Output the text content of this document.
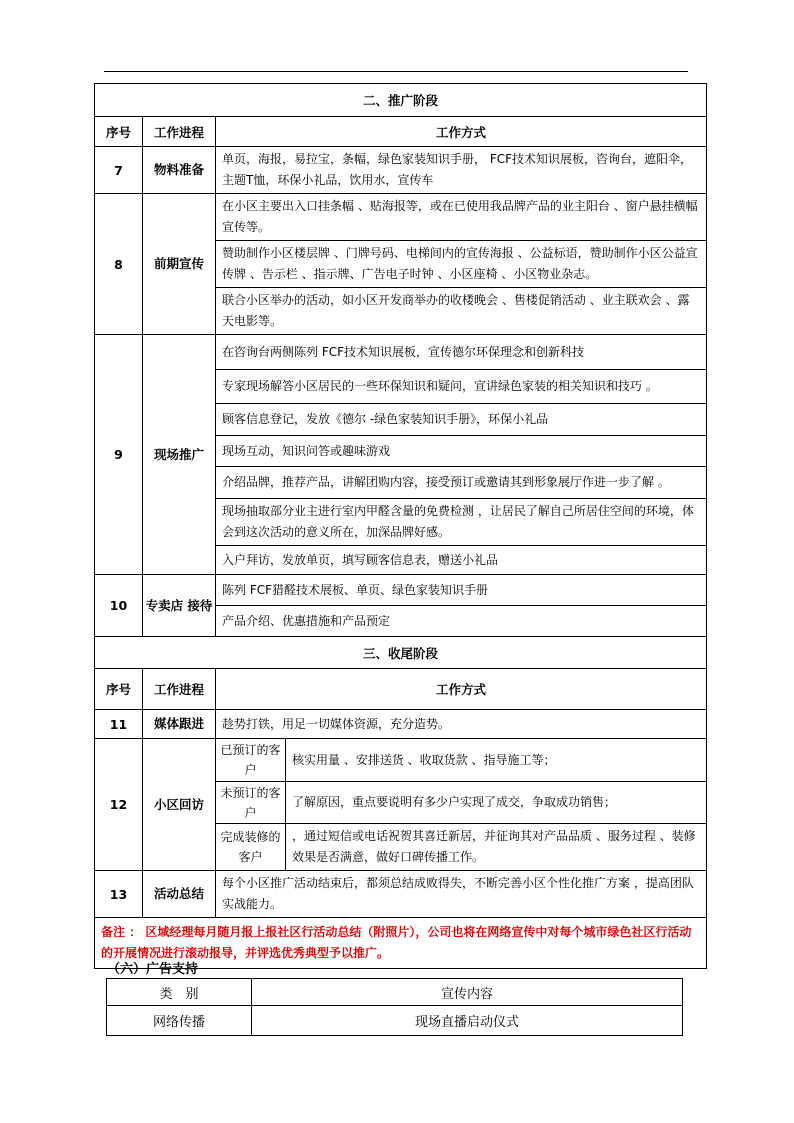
二、推广阶段			
序号	工作进程	工作方式	
7	物料准备	单页，海报，易拉宝，条幅，绿色家装知识手册， FCF技术知识展板，咨询台，遮阳伞，主题T恤，环保小礼品，饮用水，宣传车	
8	前期宣传	在小区主要出入口挂条幅 、贴海报等，或在已使用我品牌产品的业主阳台 、窗户悬挂横幅宣传等。	
		赞助制作小区楼层牌 、门牌号码、电梯间内的宣传海报 、公益标语，赞助制作小区公益宣传牌 、告示栏 、指示牌、广告电子时钟 、小区座椅 、小区物业杂志。	
		联合小区举办的活动，如小区开发商举办的收楼晚会 、售楼促销活动 、业主联欢会 、露天电影等。	
9	现场推广	在咨询台两侧陈列 FCF技术知识展板，宣传德尔环保理念和创新科技	
		专家现场解答小区居民的一些环保知识和疑问，宣讲绿色家装的相关知识和技巧 。	
		顾客信息登记，发放《德尔 -绿色家装知识手册》，环保小礼品	
		现场互动，知识问答或趣味游戏	
		介绍品牌，推荐产品，讲解团购内容，接受预订或邀请其到形象展厅作进一步了解 。	
		现场抽取部分业主进行室内甲醛含量的免费检测 ，让居民了解自己所居住空间的环境，体会到这次活动的意义所在，加深品牌好感。	
		入户拜访，发放单页，填写顾客信息表，赠送小礼品	
10	专卖店 接待	陈列 FCF猎醛技术展板、单页、绿色家装知识手册	
		产品介绍、优惠措施和产品预定	
三、收尾阶段			
序号	工作进程	工作方式	
11	媒体跟进	趁势打铁，用足一切媒体资源，充分造势。	
12	小区回访	已预订的客户	核实用量 、安排送货 、收取货款 、指导施工等；
		未预订的客户	了解原因，重点要说明有多少户实现了成交，争取成功销售；
		完成装修的客户	，通过短信或电话祝贺其喜迁新居，并征询其对产品品质 、服务过程 、装修效果是否满意，做好口碑传播工作。
13	活动总结	每个小区推广活动结束后，都须总结成败得失，不断完善小区个性化推广方案 ，提高团队实战能力。	
备注 ： 区域经理每月随月报上报社区行活动总结（附照片），公司也将在网络宣传中对每个城市绿色社区行活动的开展情况进行滚动报导，并评选优秀典型予以推广。			
（六）广告支持
类　别	宣传内容
网络传播	现场直播启动仪式
